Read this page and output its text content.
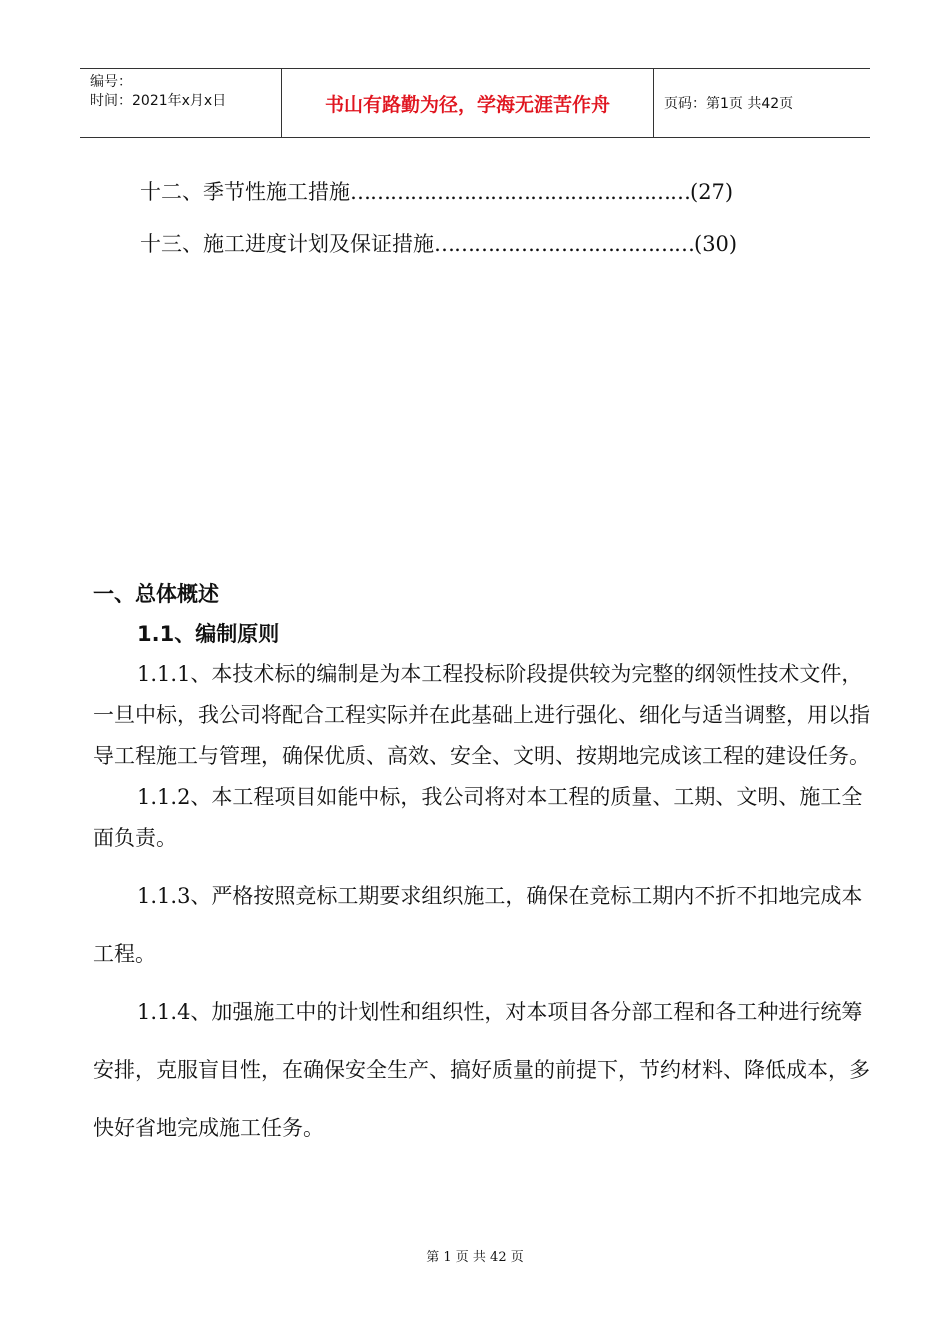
编号：
时间：2021年x月x日	书山有路勤为径，学海无涯苦作舟	页码：第1页 共42页
十二、季节性施工措施……………………………………………(27)
十三、施工进度计划及保证措施…………………………………(30)
一、总体概述
1.1、编制原则

1.1.1、本技术标的编制是为本工程投标阶段提供较为完整的纲领性技术文件，一旦中标，我公司将配合工程实际并在此基础上进行强化、细化与适当调整，用以指导工程施工与管理，确保优质、高效、安全、文明、按期地完成该工程的建设任务。

1.1.2、本工程项目如能中标，我公司将对本工程的质量、工期、文明、施工全面负责。

1.1.3、严格按照竞标工期要求组织施工，确保在竞标工期内不折不扣地完成本工程。

1.1.4、加强施工中的计划性和组织性，对本项目各分部工程和各工种进行统筹安排，克服盲目性，在确保安全生产、搞好质量的前提下，节约材料、降低成本，多快好省地完成施工任务。

第 1 页 共 42 页
